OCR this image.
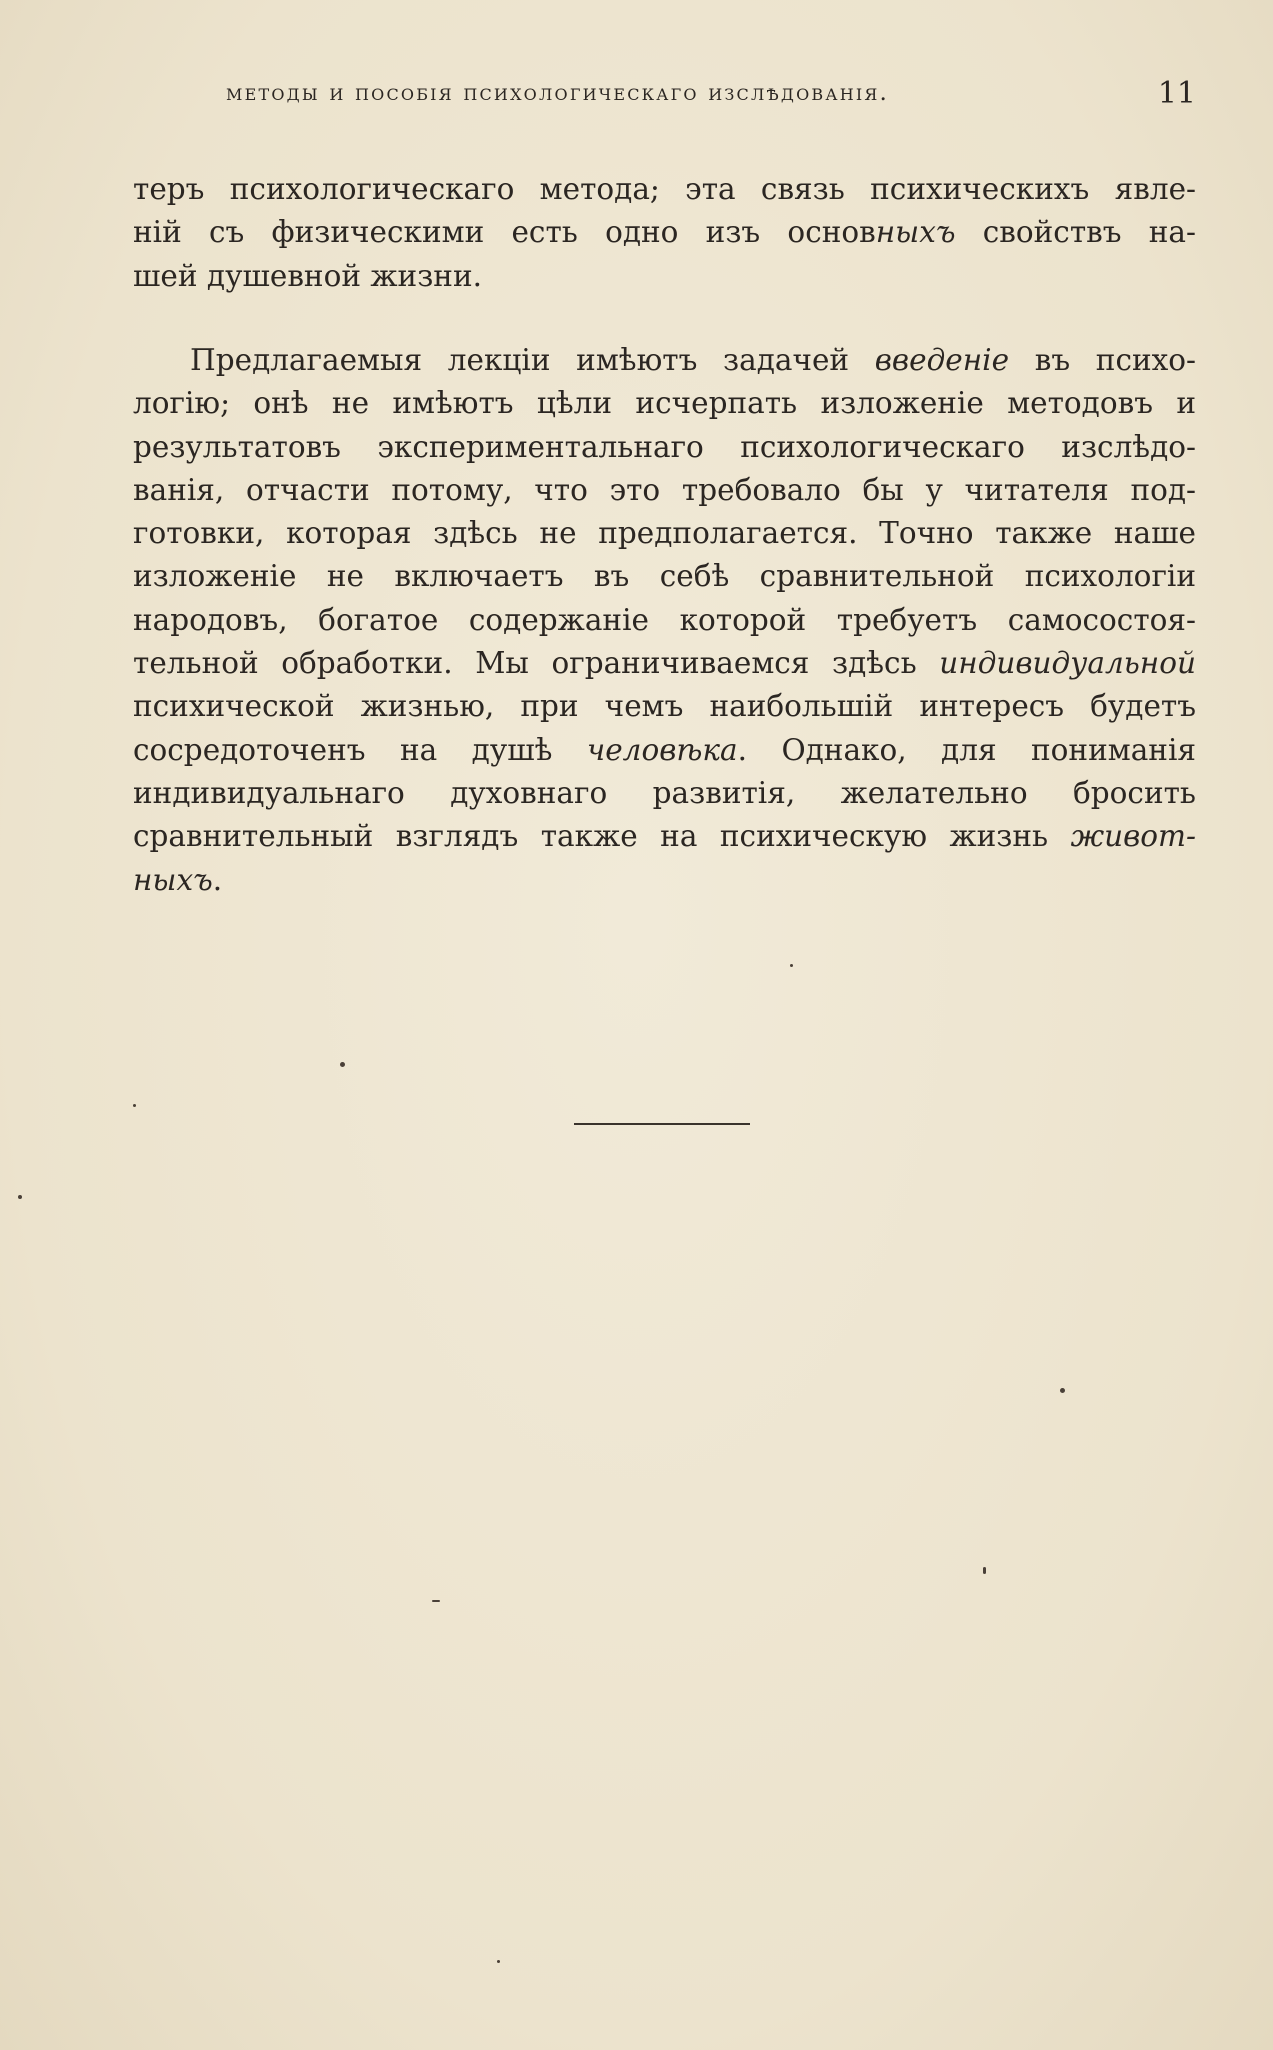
методы и пособія психологическаго изслѣдованія.	11
теръ психологическаго метода; эта связь психическихъ явле-
ній съ физическими есть одно изъ основныхъ свойствъ на-
шей душевной жизни.
Предлагаемыя лекціи имѣютъ задачей введеніе въ психо-
логію; онѣ не имѣютъ цѣли исчерпать изложеніе методовъ и
результатовъ экспериментальнаго психологическаго изслѣдо-
ванія, отчасти потому, что это требовало бы у читателя под-
готовки, которая здѣсь не предполагается. Точно также наше
изложеніе не включаетъ въ себѣ сравнительной психологіи
народовъ, богатое содержаніе которой требуетъ самосостоя-
тельной обработки. Мы ограничиваемся здѣсь индивидуальной
психической жизнью, при чемъ наибольшій интересъ будетъ
сосредоточенъ на душѣ человѣка. Однако, для пониманія
индивидуальнаго духовнаго развитія, желательно бросить
сравнительный взглядъ также на психическую жизнь живот-
ныхъ.
